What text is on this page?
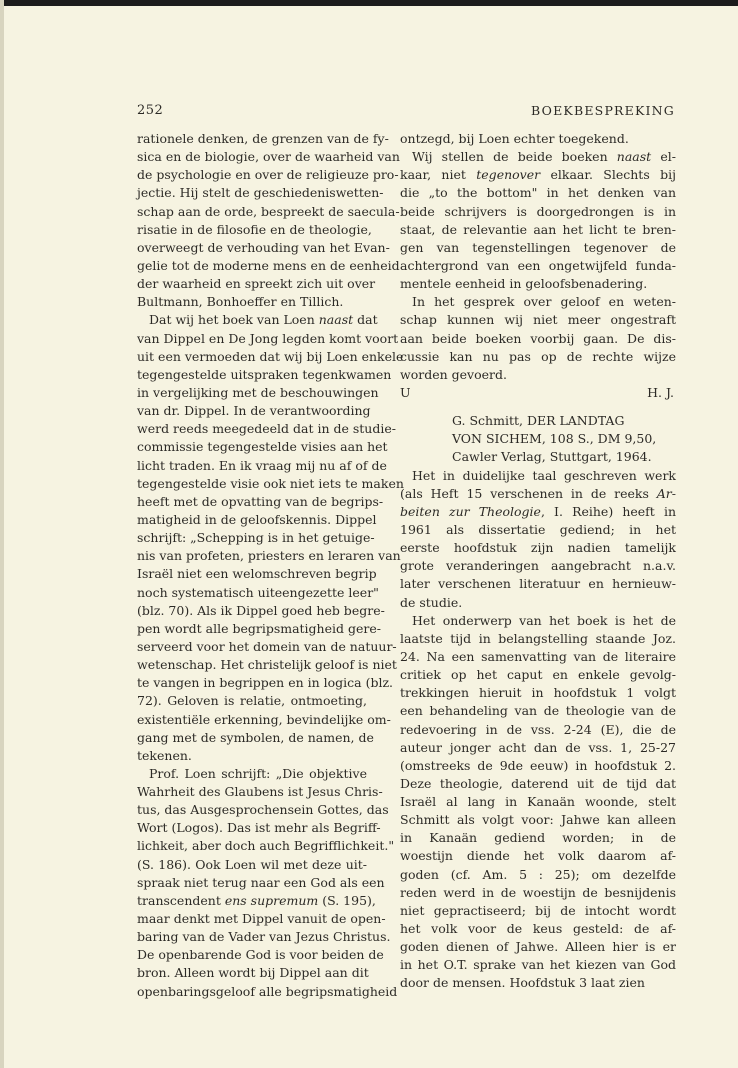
252	BOEKBESPREKING
rationele denken, de grenzen van de fy-
sica en de biologie, over de waarheid van
de psychologie en over de religieuze pro-
jectie. Hij stelt de geschiedeniswetten-
schap aan de orde, bespreekt de saecula-
risatie in de filosofie en de theologie,
overweegt de verhouding van het Evan-
gelie tot de moderne mens en de eenheid
der waarheid en spreekt zich uit over
Bultmann, Bonhoeffer en Tillich.
Dat wij het boek van Loen naast dat
van Dippel en De Jong legden komt voort
uit een vermoeden dat wij bij Loen enkele
tegengestelde uitspraken tegenkwamen
in vergelijking met de beschouwingen
van dr. Dippel. In de verantwoording
werd reeds meegedeeld dat in de studie-
commissie tegengestelde visies aan het
licht traden. En ik vraag mij nu af of de
tegengestelde visie ook niet iets te maken
heeft met de opvatting van de begrips-
matigheid in de geloofskennis. Dippel
schrijft: „Schepping is in het getuige-
nis van profeten, priesters en leraren van
Israël niet een welomschreven begrip
noch systematisch uiteengezette leer"
(blz. 70). Als ik Dippel goed heb begre-
pen wordt alle begripsmatigheid gere-
serveerd voor het domein van de natuur-
wetenschap. Het christelijk geloof is niet
te vangen in begrippen en in logica (blz.
72). Geloven is relatie, ontmoeting,
existentiële erkenning, bevindelijke om-
gang met de symbolen, de namen, de
tekenen.
Prof. Loen schrijft: „Die objektive
Wahrheit des Glaubens ist Jesus Chris-
tus, das Ausgesprochensein Gottes, das
Wort (Logos). Das ist mehr als Begriff-
lichkeit, aber doch auch Begrifflichkeit."
(S. 186). Ook Loen wil met deze uit-
spraak niet terug naar een God als een
transcendent ens supremum (S. 195),
maar denkt met Dippel vanuit de open-
baring van de Vader van Jezus Christus.
De openbarende God is voor beiden de
bron. Alleen wordt bij Dippel aan dit
openbaringsgeloof alle begripsmatigheid
ontzegd, bij Loen echter toegekend.
Wij stellen de beide boeken naast el-
kaar, niet tegenover elkaar. Slechts bij
die „to the bottom" in het denken van
beide schrijvers is doorgedrongen is in
staat, de relevantie aan het licht te bren-
gen van tegenstellingen tegenover de
achtergrond van een ongetwijfeld funda-
mentele eenheid in geloofsbenadering.
In het gesprek over geloof en weten-
schap kunnen wij niet meer ongestraft
aan beide boeken voorbij gaan. De dis-
cussie kan nu pas op de rechte wijze
worden gevoerd.
U	H. J.
G. Schmitt, DER LANDTAG
VON SICHEM, 108 S., DM 9,50,
Cawler Verlag, Stuttgart, 1964.
Het in duidelijke taal geschreven werk
(als Heft 15 verschenen in de reeks Ar-
beiten zur Theologie, I. Reihe) heeft in
1961 als dissertatie gediend; in het
eerste hoofdstuk zijn nadien tamelijk
grote veranderingen aangebracht n.a.v.
later verschenen literatuur en hernieuw-
de studie.
Het onderwerp van het boek is het de
laatste tijd in belangstelling staande Joz.
24. Na een samenvatting van de literaire
critiek op het caput en enkele gevolg-
trekkingen hieruit in hoofdstuk 1 volgt
een behandeling van de theologie van de
redevoering in de vss. 2-24 (E), die de
auteur jonger acht dan de vss. 1, 25-27
(omstreeks de 9de eeuw) in hoofdstuk 2.
Deze theologie, daterend uit de tijd dat
Israël al lang in Kanaän woonde, stelt
Schmitt als volgt voor: Jahwe kan alleen
in Kanaän gediend worden; in de
woestijn diende het volk daarom af-
goden (cf. Am. 5 : 25); om dezelfde
reden werd in de woestijn de besnijdenis
niet gepractiseerd; bij de intocht wordt
het volk voor de keus gesteld: de af-
goden dienen of Jahwe. Alleen hier is er
in het O.T. sprake van het kiezen van God
door de mensen. Hoofdstuk 3 laat zien
